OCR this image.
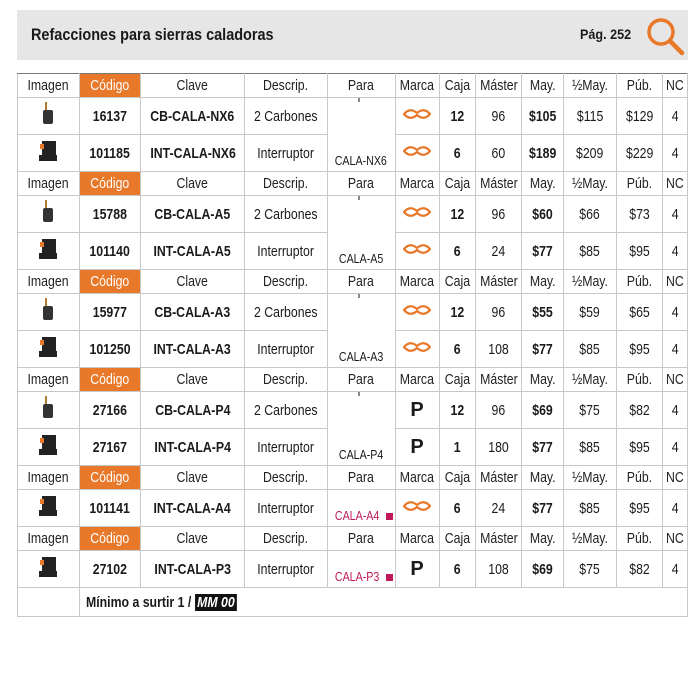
Refacciones para sierras caladoras	Pág. 252
Imagen	Código	Clave	Descrip.	Para	Marca	Caja	Máster	May.	½May.	Púb.	NC
	16137	CB-CALA-NX6	2 Carbones	CALA-NX6		12	96	$105	$115	$129	4
	101185	INT-CALA-NX6	Interruptor			6	60	$189	$209	$229	4
Imagen	Código	Clave	Descrip.	Para	Marca	Caja	Máster	May.	½May.	Púb.	NC
	15788	CB-CALA-A5	2 Carbones	CALA-A5		12	96	$60	$66	$73	4
	101140	INT-CALA-A5	Interruptor			6	24	$77	$85	$95	4
Imagen	Código	Clave	Descrip.	Para	Marca	Caja	Máster	May.	½May.	Púb.	NC
	15977	CB-CALA-A3	2 Carbones	CALA-A3		12	96	$55	$59	$65	4
	101250	INT-CALA-A3	Interruptor			6	108	$77	$85	$95	4
Imagen	Código	Clave	Descrip.	Para	Marca	Caja	Máster	May.	½May.	Púb.	NC
	27166	CB-CALA-P4	2 Carbones	CALA-P4	P	12	96	$69	$75	$82	4
	27167	INT-CALA-P4	Interruptor		P	1	180	$77	$85	$95	4
Imagen	Código	Clave	Descrip.	Para	Marca	Caja	Máster	May.	½May.	Púb.	NC
	101141	INT-CALA-A4	Interruptor	CALA-A4		6	24	$77	$85	$95	4
Imagen	Código	Clave	Descrip.	Para	Marca	Caja	Máster	May.	½May.	Púb.	NC
	27102	INT-CALA-P3	Interruptor	CALA-P3	P	6	108	$69	$75	$82	4
	Mínimo a surtir 1 / MM 00										
